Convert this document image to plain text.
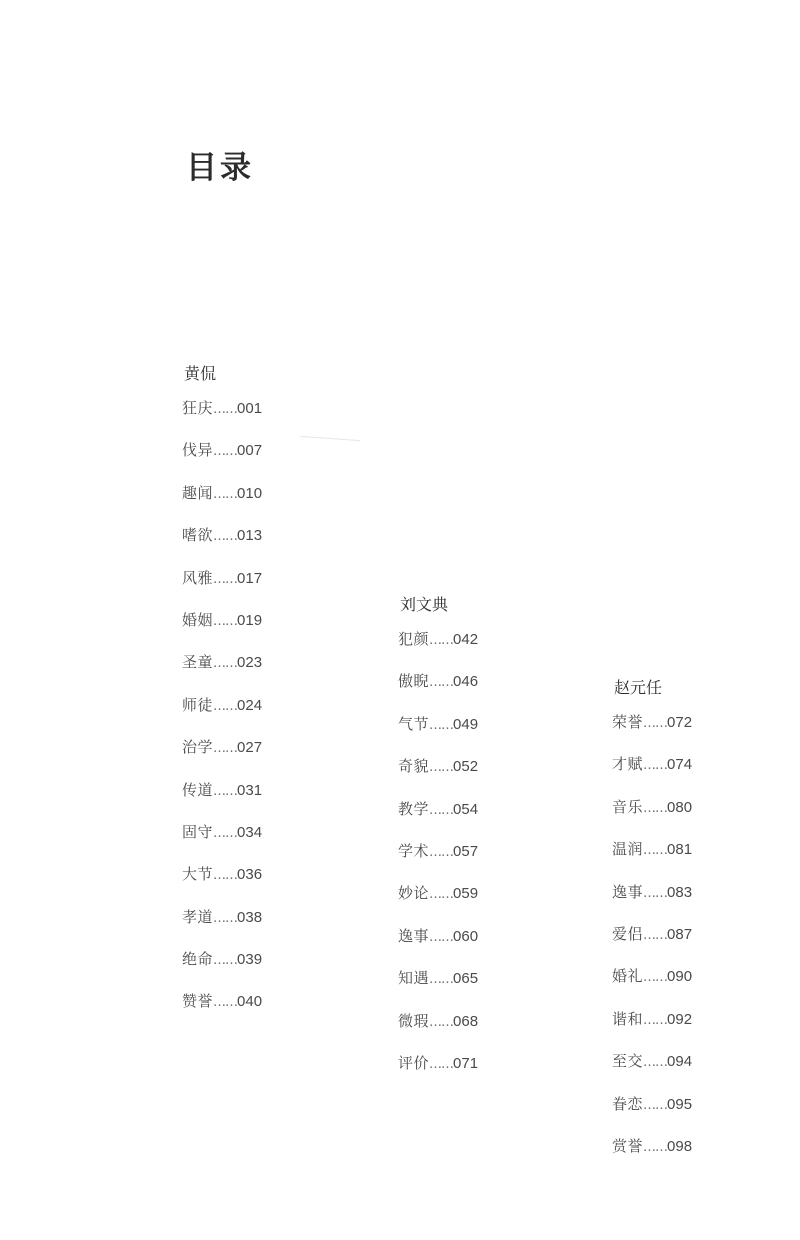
目录
黄侃
狂庆……001
伐异……007
趣闻……010
嗜欲……013
风雅……017
婚姻……019
圣童……023
师徒……024
治学……027
传道……031
固守……034
大节……036
孝道……038
绝命……039
赞誉……040
刘文典
犯颜……042
傲睨……046
气节……049
奇貌……052
教学……054
学术……057
妙论……059
逸事……060
知遇……065
微瑕……068
评价……071
赵元任
荣誉……072
才赋……074
音乐……080
温润……081
逸事……083
爱侣……087
婚礼……090
谐和……092
至交……094
眷恋……095
赏誉……098
